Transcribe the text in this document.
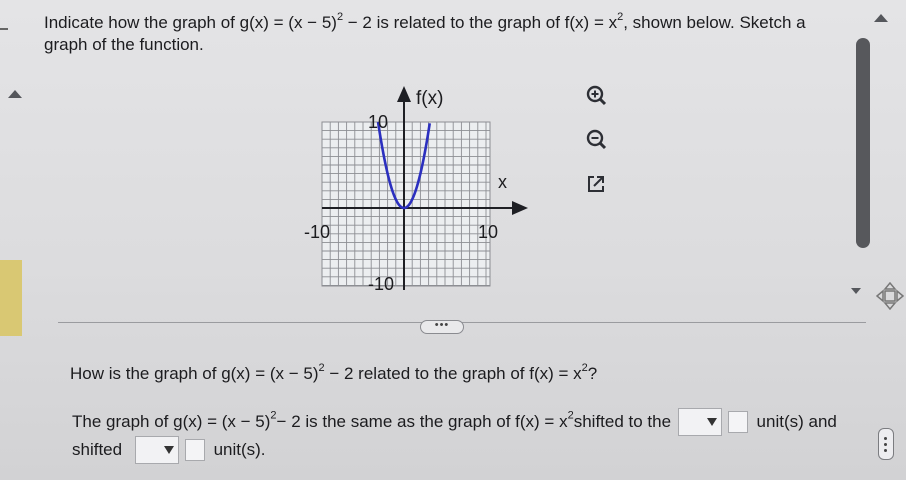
Indicate how the graph of $g(x) = (x - 5)^2 - 2$ is related to the graph of $f(x) = x^2$, shown below. Sketch a
graph of the function.
f(x)
x
10
-10	10
-10
•••
How is the graph of $g(x) = (x - 5)^2 - 2$ related to the graph of $f(x) = x^2$?
The graph of $g(x) = (x - 5)^2- 2$ is the same as the graph of $f(x) = x^2shifted$ to the	unit(s) and
shifted	unit(s).
